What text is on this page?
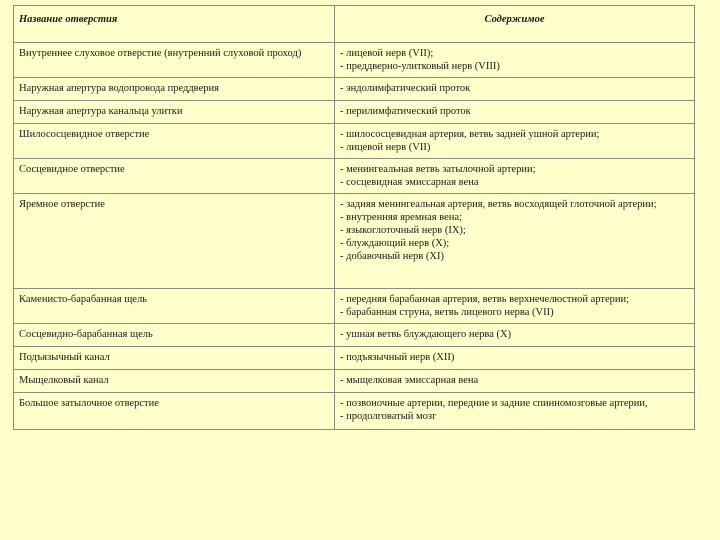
Название отверстия	Содержимое
Внутреннее слуховое отверстие (внутренний слуховой проход)	- лицевой нерв (VII);
- преддверно-улитковый нерв (VIII)

Наружная апертура водопровода преддверия	- эндолимфатический проток

Наружная апертура канальца улитки	- перилимфатический проток

Шилососцевидное отверстие	- шилососцевидная артерия, ветвь задней ушной артерии;
- лицевой нерв (VII)

Сосцевидное отверстие	- менингеальная ветвь затылочной артерии;
- сосцевидная эмиссарная вена

Яремное отверстие	- задняя менингеальная артерия, ветвь восходящей глоточной артерии;
- внутренняя яремная вена;
- языкоглоточный нерв (IX);
- блуждающий нерв (X);
- добавочный нерв (XI)

Каменисто-барабанная щель	- передняя барабанная артерия, ветвь верхнечелюстной артерии;
- барабанная струна, ветвь лицевого нерва (VII)

Сосцевидно-барабанная щель	- ушная ветвь блуждающего нерва (X)

Подъязычный канал	- подъязычный нерв (XII)

Мыщелковый канал	- мыщелковая эмиссарная вена

Большое затылочное отверстие	- позвоночные артерии, передние и задние спинномозговые артерии,
- продолговатый мозг
